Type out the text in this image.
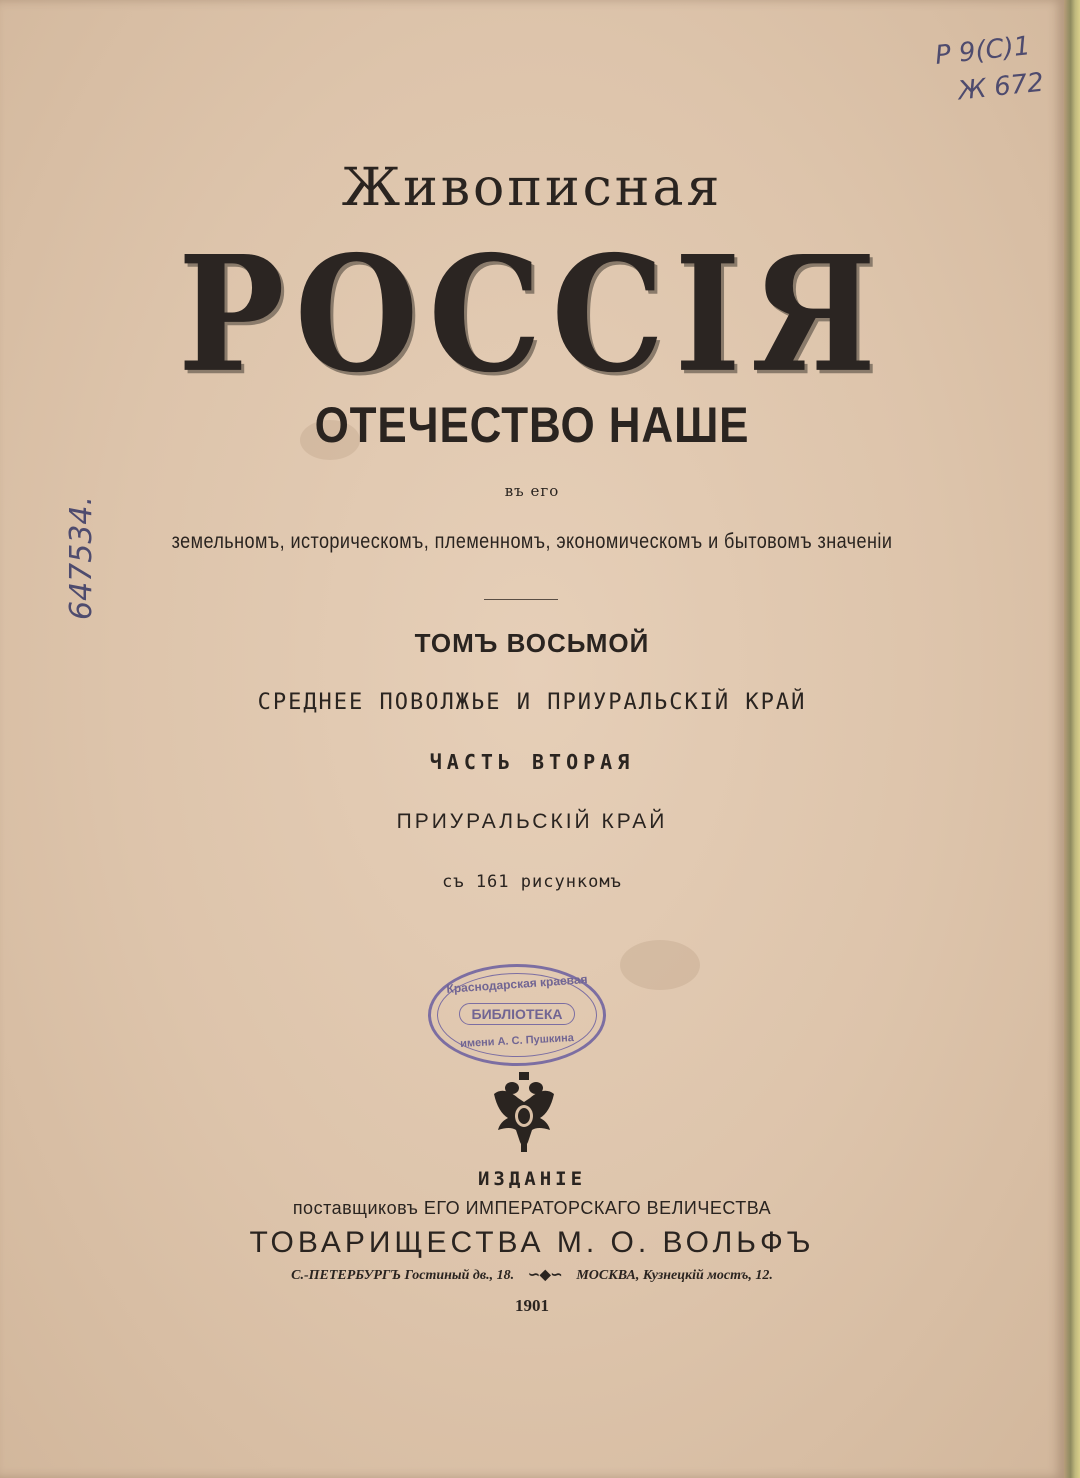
Р 9(С)1
Ж 672
647534.
Живописная
РОССІЯ
ОТЕЧЕСТВО НАШЕ
въ его
земельномъ, историческомъ, племенномъ, экономическомъ и бытовомъ значеніи
ТОМЪ ВОСЬМОЙ
СРЕДНЕЕ ПОВОЛЖЬЕ И ПРИУРАЛЬСКІЙ КРАЙ
ЧАСТЬ ВТОРАЯ
ПРИУРАЛЬСКІЙ КРАЙ
съ 161 рисункомъ
Краснодарская краевая
БИБЛІОТЕКА
имени А. С. Пушкина
ИЗДАНІЕ
поставщиковъ ЕГО ИМПЕРАТОРСКАГО ВЕЛИЧЕСТВА
ТОВАРИЩЕСТВА М. О. ВОЛЬФЪ
С.-ПЕТЕРБУРГЪ Гостиный дв., 18. ∽◆∽ МОСКВА, Кузнецкій мостъ, 12.
1901
